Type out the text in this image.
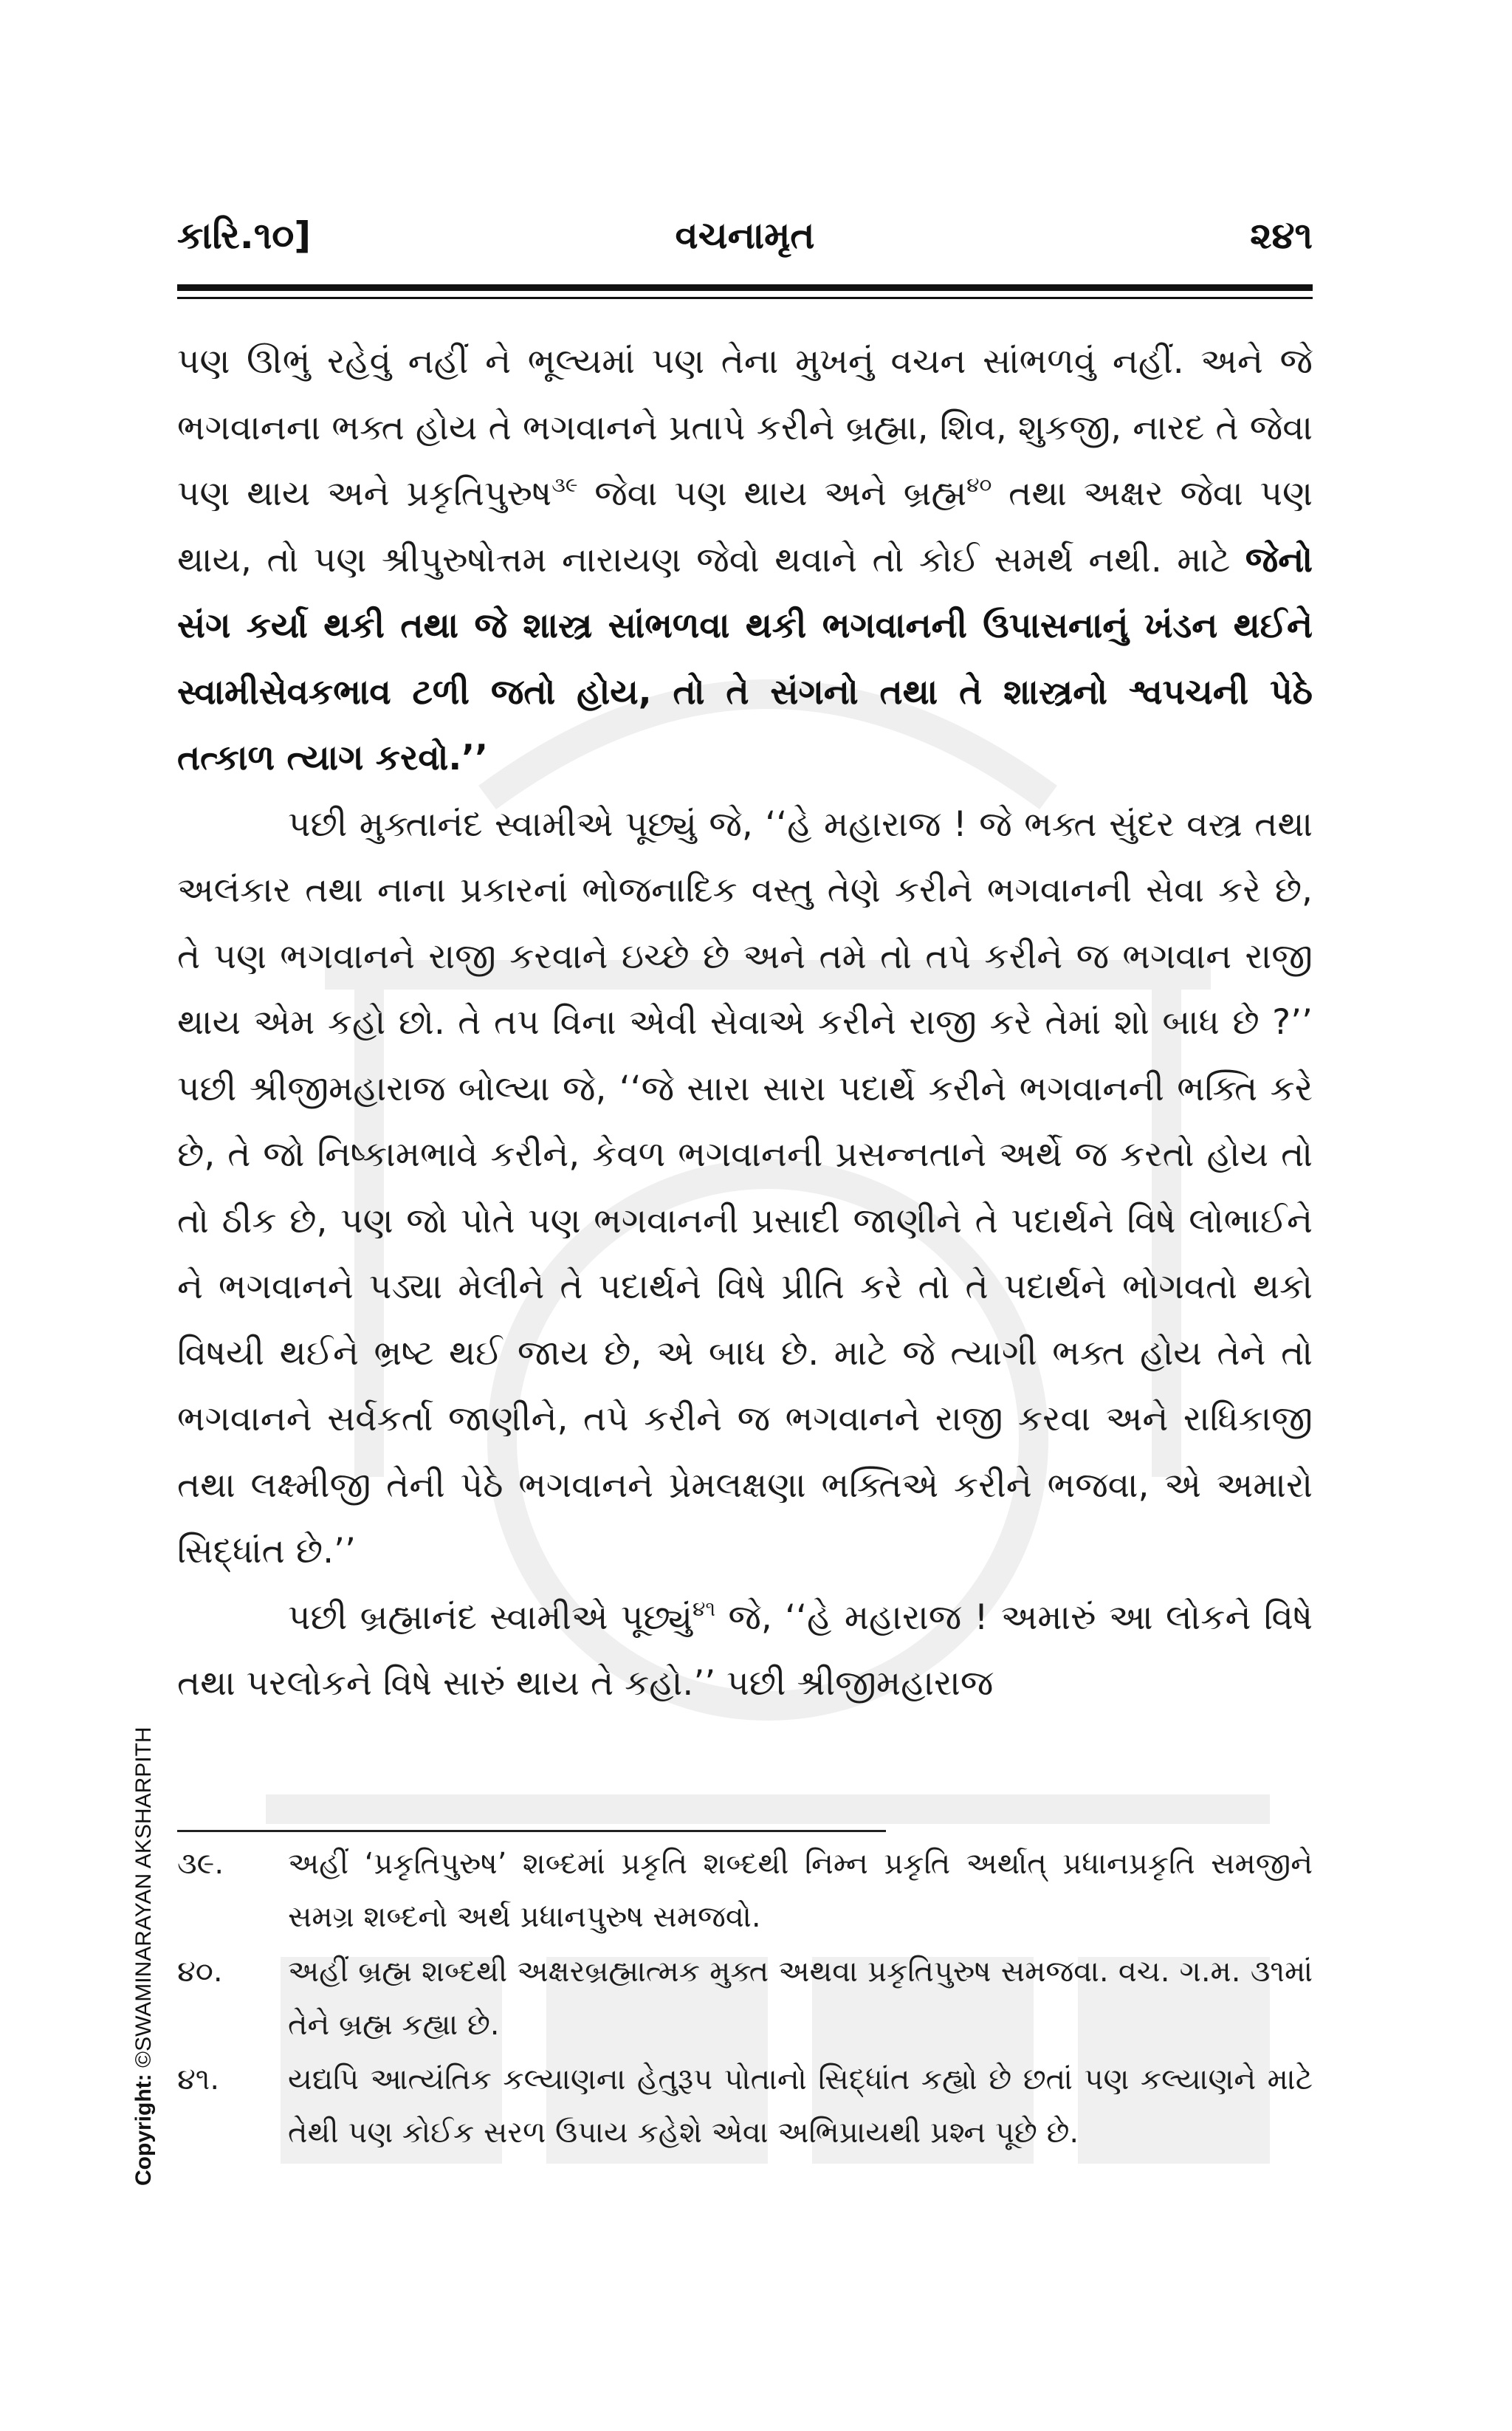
કારિ.૧૦]	વચનામૃત	૨૪૧

પણ ઊભું રહેવું નહીં ને ભૂલ્યમાં પણ તેના મુખનું વચન સાંભળવું નહીં. અને જે ભગવાનના ભક્ત હોય તે ભગવાનને પ્રતાપે કરીને બ્રહ્મા, શિવ, શુકજી, નારદ તે જેવા પણ થાય અને પ્રકૃતિપુરુષ$^{૩૯}$ જેવા પણ થાય અને બ્રહ્મ$^{૪૦}$ તથા અક્ષર જેવા પણ થાય, તો પણ શ્રીપુરુષોત્તમ નારાયણ જેવો થવાને તો કોઈ સમર્થ નથી. માટે જેનો સંગ કર્યા થકી તથા જે શાસ્ત્ર સાંભળવા થકી ભગવાનની ઉપાસનાનું ખંડન થઈને સ્વામીસેવકભાવ ટળી જતો હોય, તો તે સંગનો તથા તે શાસ્ત્રનો શ્વપચની પેઠે તત્કાળ ત્યાગ કરવો.’’

પછી મુક્તાનંદ સ્વામીએ પૂછ્યું જે, ‘‘હે મહારાજ ! જે ભક્ત સુંદર વસ્ત્ર તથા અલંકાર તથા નાના પ્રકારનાં ભોજનાદિક વસ્તુ તેણે કરીને ભગવાનની સેવા કરે છે, તે પણ ભગવાનને રાજી કરવાને ઇચ્છે છે અને તમે તો તપે કરીને જ ભગવાન રાજી થાય એમ કહો છો. તે તપ વિના એવી સેવાએ કરીને રાજી કરે તેમાં શો બાધ છે ?’’ પછી શ્રીજીમહારાજ બોલ્યા જે, ‘‘જે સારા સારા પદાર્થે કરીને ભગવાનની ભક્તિ કરે છે, તે જો નિષ્કામભાવે કરીને, કેવળ ભગવાનની પ્રસન્નતાને અર્થે જ કરતો હોય તો તો ઠીક છે, પણ જો પોતે પણ ભગવાનની પ્રસાદી જાણીને તે પદાર્થને વિષે લોભાઈને ને ભગવાનને પડ્યા મેલીને તે પદાર્થને વિષે પ્રીતિ કરે તો તે પદાર્થને ભોગવતો થકો વિષયી થઈને ભ્રષ્ટ થઈ જાય છે, એ બાધ છે. માટે જે ત્યાગી ભક્ત હોય તેને તો ભગવાનને સર્વકર્તા જાણીને, તપે કરીને જ ભગવાનને રાજી કરવા અને રાધિકાજી તથા લક્ષ્મીજી તેની પેઠે ભગવાનને પ્રેમલક્ષણા ભક્તિએ કરીને ભજવા, એ અમારો સિદ્ધાંત છે.’’

પછી બ્રહ્માનંદ સ્વામીએ પૂછ્યું$^{૪૧}$ જે, ‘‘હે મહારાજ ! અમારું આ લોકને વિષે તથા પરલોકને વિષે સારું થાય તે કહો.’’ પછી શ્રીજીમહારાજ

૩૯.	અહીં ‘પ્રકૃતિપુરુષ’ શબ્દમાં પ્રકૃતિ શબ્દથી નિમ્ન પ્રકૃતિ અર્થાત્ પ્રધાનપ્રકૃતિ સમજીને સમગ્ર શબ્દનો અર્થ પ્રધાનપુરુષ સમજવો.
૪૦.	અહીં બ્રહ્મ શબ્દથી અક્ષરબ્રહ્માત્મક મુક્ત અથવા પ્રકૃતિપુરુષ સમજવા. વચ. ગ.મ. ૩૧માં તેને બ્રહ્મ કહ્યા છે.
૪૧.	યદ્યપિ આત્યંતિક કલ્યાણના હેતુરૂપ પોતાનો સિદ્ધાંત કહ્યો છે છતાં પણ કલ્યાણને માટે તેથી પણ કોઈક સરળ ઉપાય કહેશે એવા અભિપ્રાયથી પ્રશ્ન પૂછે છે.
Copyright: ©SWAMINARAYAN AKSHARPITH
